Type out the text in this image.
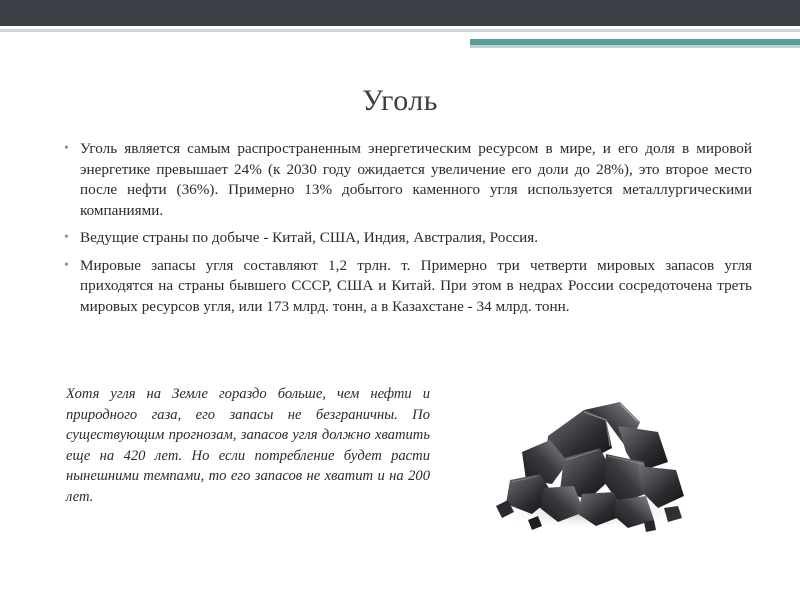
Уголь
• Уголь является самым распространенным энергетическим ресурсом в мире, и его доля в мировой энергетике превышает 24% (к 2030 году ожидается увеличение его доли до 28%), это второе место после нефти (36%). Примерно 13% добытого каменного угля используется металлургическими компаниями.
• Ведущие страны по добыче - Китай, США, Индия, Австралия, Россия.
• Мировые запасы угля составляют 1,2 трлн. т. Примерно три четверти мировых запасов угля приходятся на страны бывшего СССР, США и Китай. При этом в недрах России сосредоточена треть мировых ресурсов угля, или 173 млрд. тонн, а в Казахстане - 34 млрд. тонн.
Хотя угля на Земле гораздо больше, чем нефти и природного газа, его запасы не безграничны. По существующим прогнозам, запасов угля должно хватить еще на 420 лет. Но если потребление будет расти нынешними темпами, то его запасов не хватит и на 200 лет.
